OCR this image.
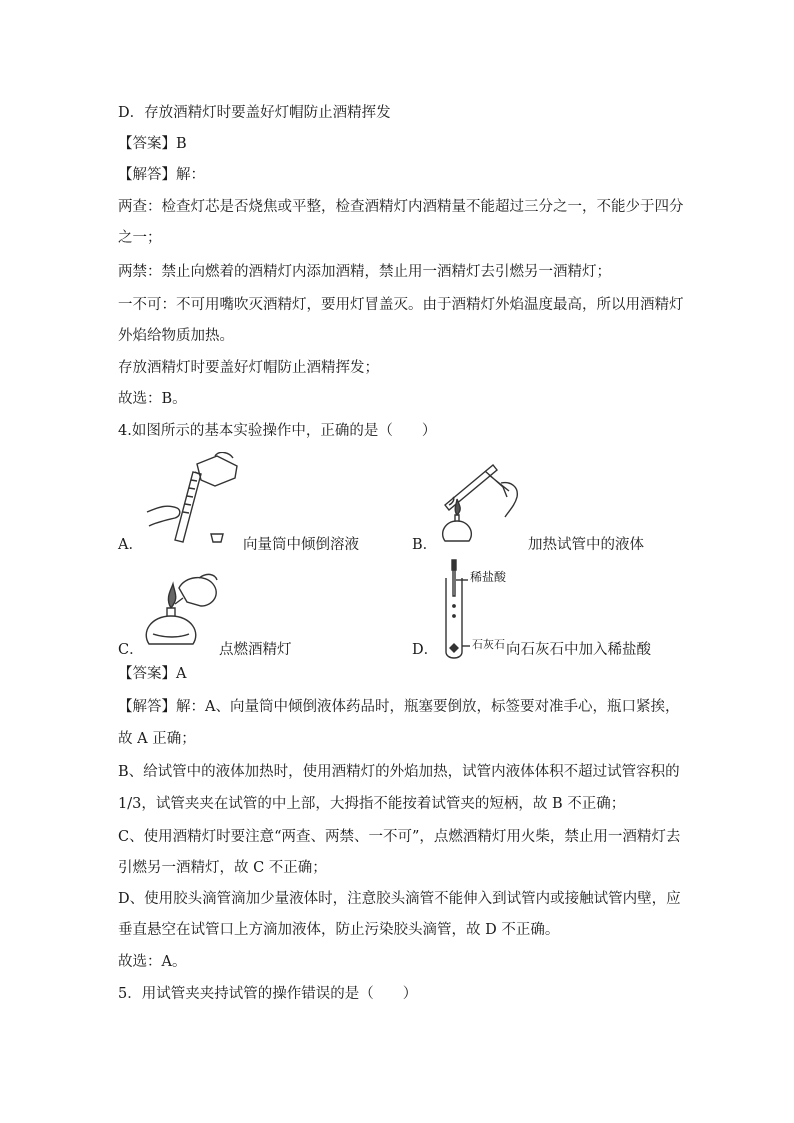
D．存放酒精灯时要盖好灯帽防止酒精挥发
【答案】B
【解答】解：
两查：检查灯芯是否烧焦或平整，检查酒精灯内酒精量不能超过三分之一，不能少于四分
之一；
两禁：禁止向燃着的酒精灯内添加酒精，禁止用一酒精灯去引燃另一酒精灯；
一不可：不可用嘴吹灭酒精灯，要用灯冒盖灭。由于酒精灯外焰温度最高，所以用酒精灯
外焰给物质加热。
存放酒精灯时要盖好灯帽防止酒精挥发；
故选：B。
4.如图所示的基本实验操作中，正确的是（　　）
A．	向量筒中倾倒溶液	B．	加热试管中的液体
C．	点燃酒精灯
稀盐酸
石灰石
D．	向石灰石中加入稀盐酸
【答案】A
【解答】解：A、向量筒中倾倒液体药品时，瓶塞要倒放，标签要对准手心，瓶口紧挨，
故 A 正确；
B、给试管中的液体加热时，使用酒精灯的外焰加热，试管内液体体积不超过试管容积的
1/3，试管夹夹在试管的中上部，大拇指不能按着试管夹的短柄，故 B 不正确；
C、使用酒精灯时要注意“两查、两禁、一不可”，点燃酒精灯用火柴，禁止用一酒精灯去
引燃另一酒精灯，故 C 不正确；
D、使用胶头滴管滴加少量液体时，注意胶头滴管不能伸入到试管内或接触试管内壁，应
垂直悬空在试管口上方滴加液体，防止污染胶头滴管，故 D 不正确。
故选：A。
5．用试管夹夹持试管的操作错误的是（　　）
